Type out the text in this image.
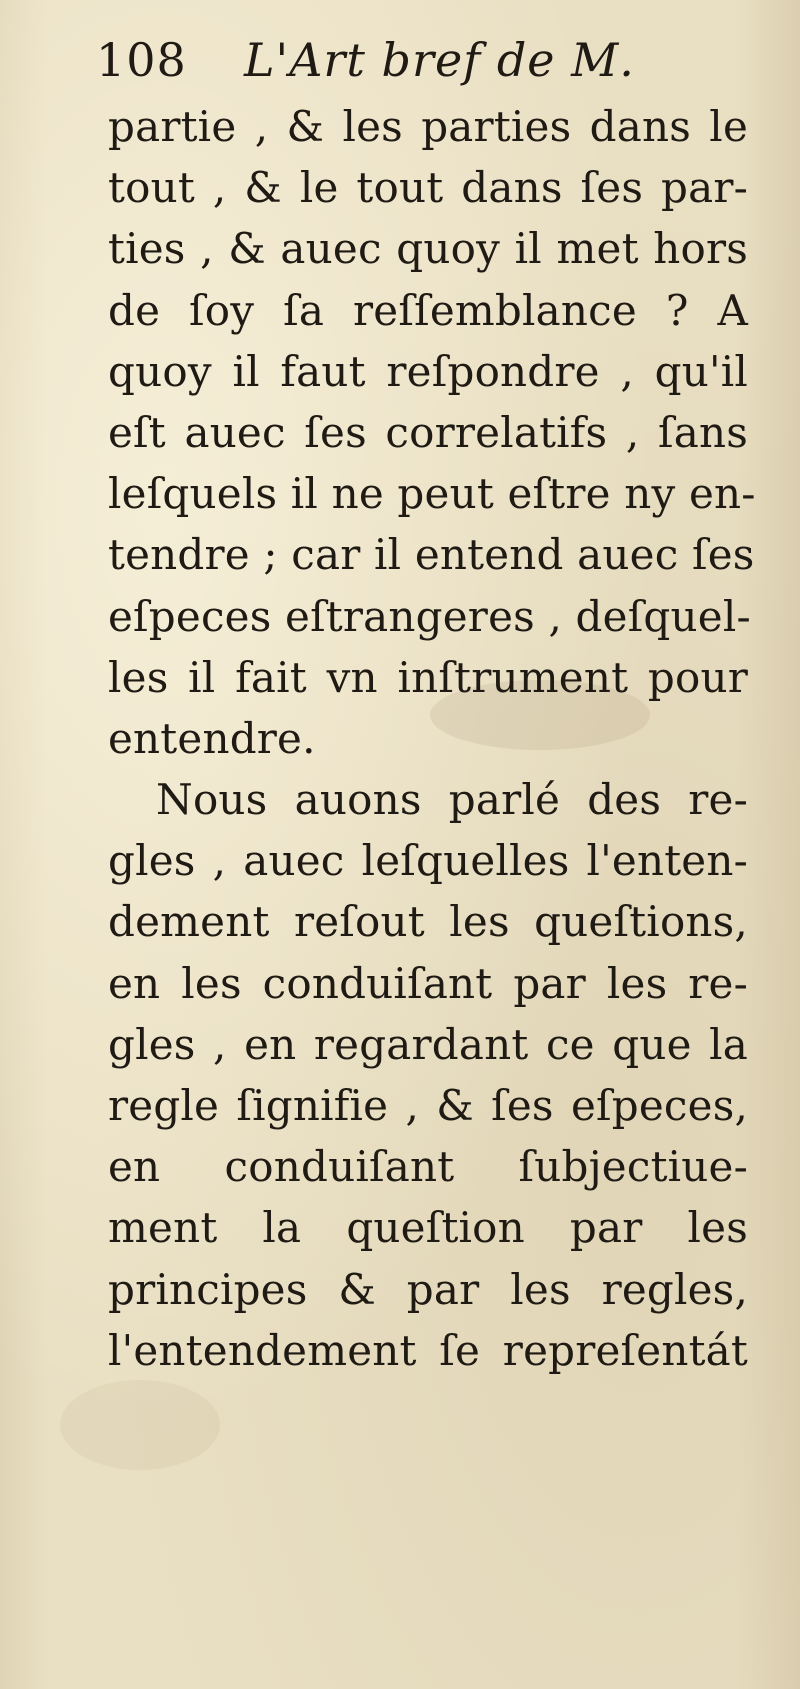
108 L'Art bref de M.
partie , & les parties dans le
tout , & le tout dans ſes par-
ties , & auec quoy il met hors
de ſoy ſa reſſemblance ? A
quoy il faut reſpondre , qu'il
eſt auec ſes correlatifs , ſans
leſquels il ne peut eſtre ny en-
tendre ; car il entend auec ſes
eſpeces eſtrangeres , deſquel-
les il fait vn inſtrument pour
entendre.
Nous auons parlé des re-
gles , auec leſquelles l'enten-
dement reſout les queſtions,
en les conduiſant par les re-
gles , en regardant ce que la
regle ſignifie , & ſes eſpeces,
en conduiſant ſubjectiue-
ment la queſtion par les
principes & par les regles,
l'entendement ſe repreſentát
